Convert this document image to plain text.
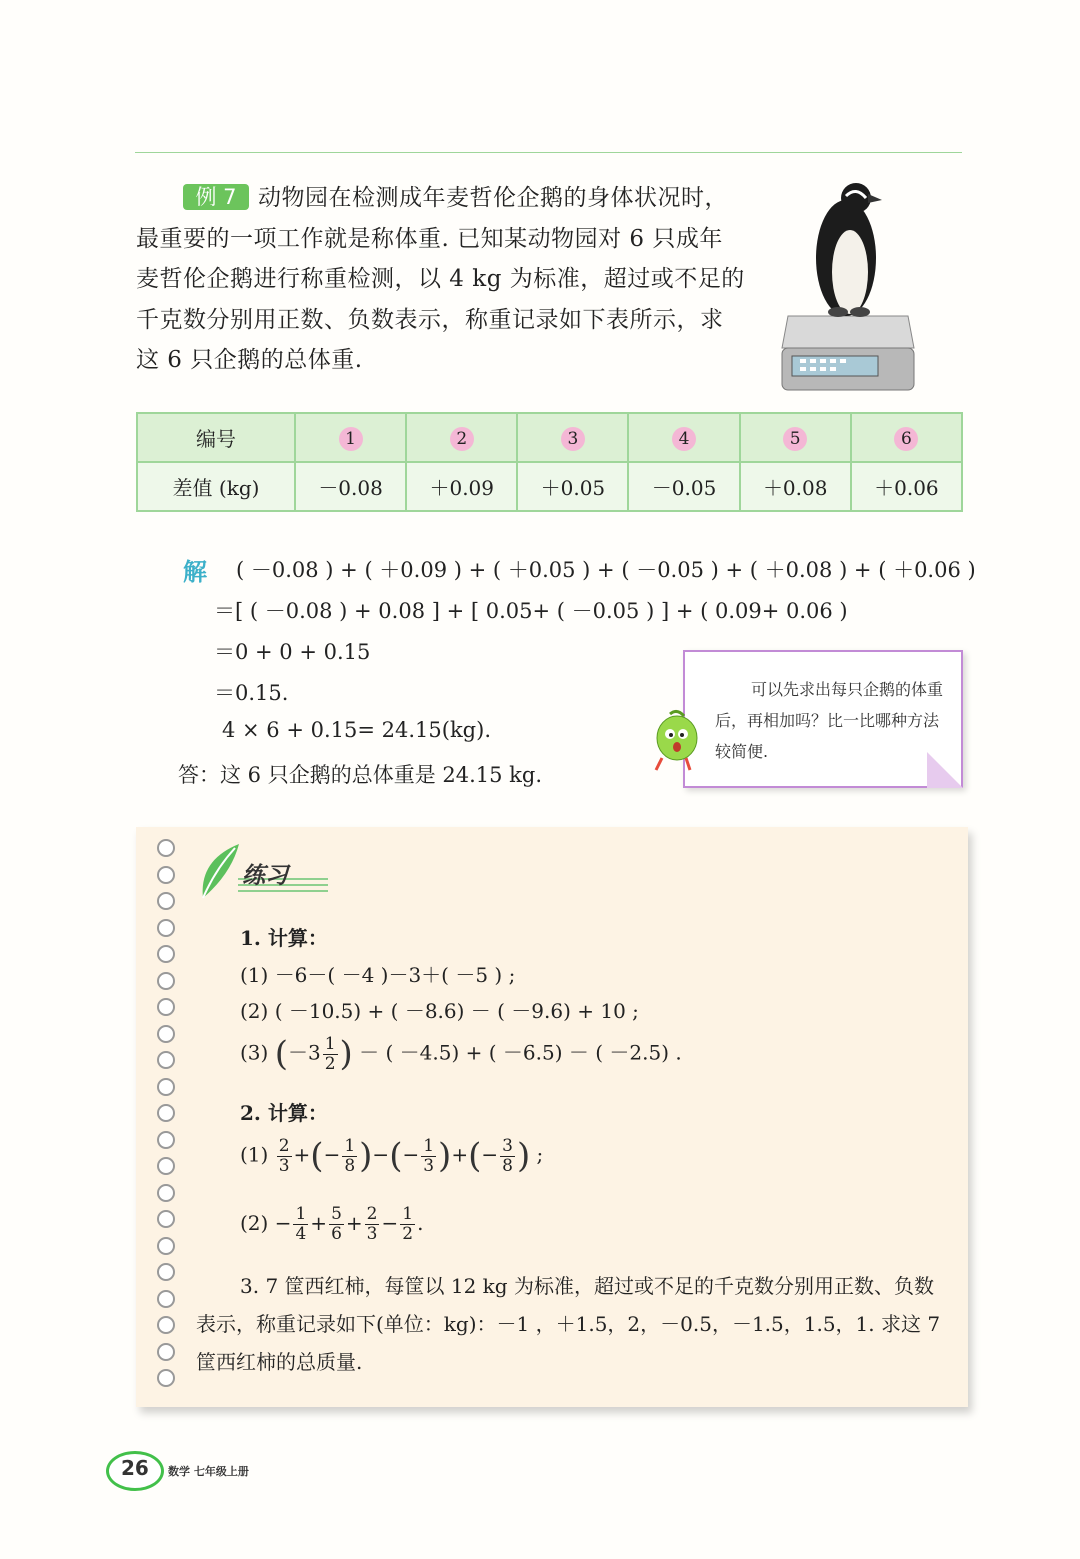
动物园在检测成年麦哲伦企鹅的身体状况时，最重要的一项工作就是称体重. 已知某动物园对 6 只成年麦哲伦企鹅进行称重检测，以 4 kg 为标准，超过或不足的千克数分别用正数、负数表示，称重记录如下表所示，求这 6 只企鹅的总体重.
例 7
编号	1	2	3	4	5	6
差值 (kg)	－0.08	＋0.09	＋0.05	－0.05	＋0.08	＋0.06
解 ( －0.08 ) + ( ＋0.09 ) + ( ＋0.05 ) + ( －0.05 ) + ( ＋0.08 ) + ( ＋0.06 )
＝[ ( －0.08 ) + 0.08 ] + [ 0.05+ ( －0.05 ) ] + ( 0.09+ 0.06 )
＝0 + 0 + 0.15
＝0.15.
4 × 6 + 0.15= 24.15(kg).
答：这 6 只企鹅的总体重是 24.15 kg.
可以先求出每只企鹅的体重后，再相加吗？比一比哪种方法较简便.
练习
1. 计算：
(1) －6－( －4 )－3＋( －5 ) ;
(2) ( －10.5) + ( －8.6) － ( －9.6) + 10 ;
(3) ($-3 \frac{1}{2}$ ) － ( －4.5) + ( －6.5) － ( －2.5) .
2. 计算：
$(1) \frac{2}{3}$ +(− $\frac{1}{8}$ )−(− $\frac{1}{3}$ )+(− $\frac{3}{8}$ ) ;
$(2) - \frac{1}{4} + \frac{5}{6} + \frac{2}{3} - \frac{1}{2}$ .
3. 7 筐西红柿，每筐以 12 kg 为标准，超过或不足的千克数分别用正数、负数表示，称重记录如下(单位：kg)：－1 ，＋1.5，2，－0.5，－1.5，1.5，1. 求这 7 筐西红柿的总质量.
26 数学 七年级上册
